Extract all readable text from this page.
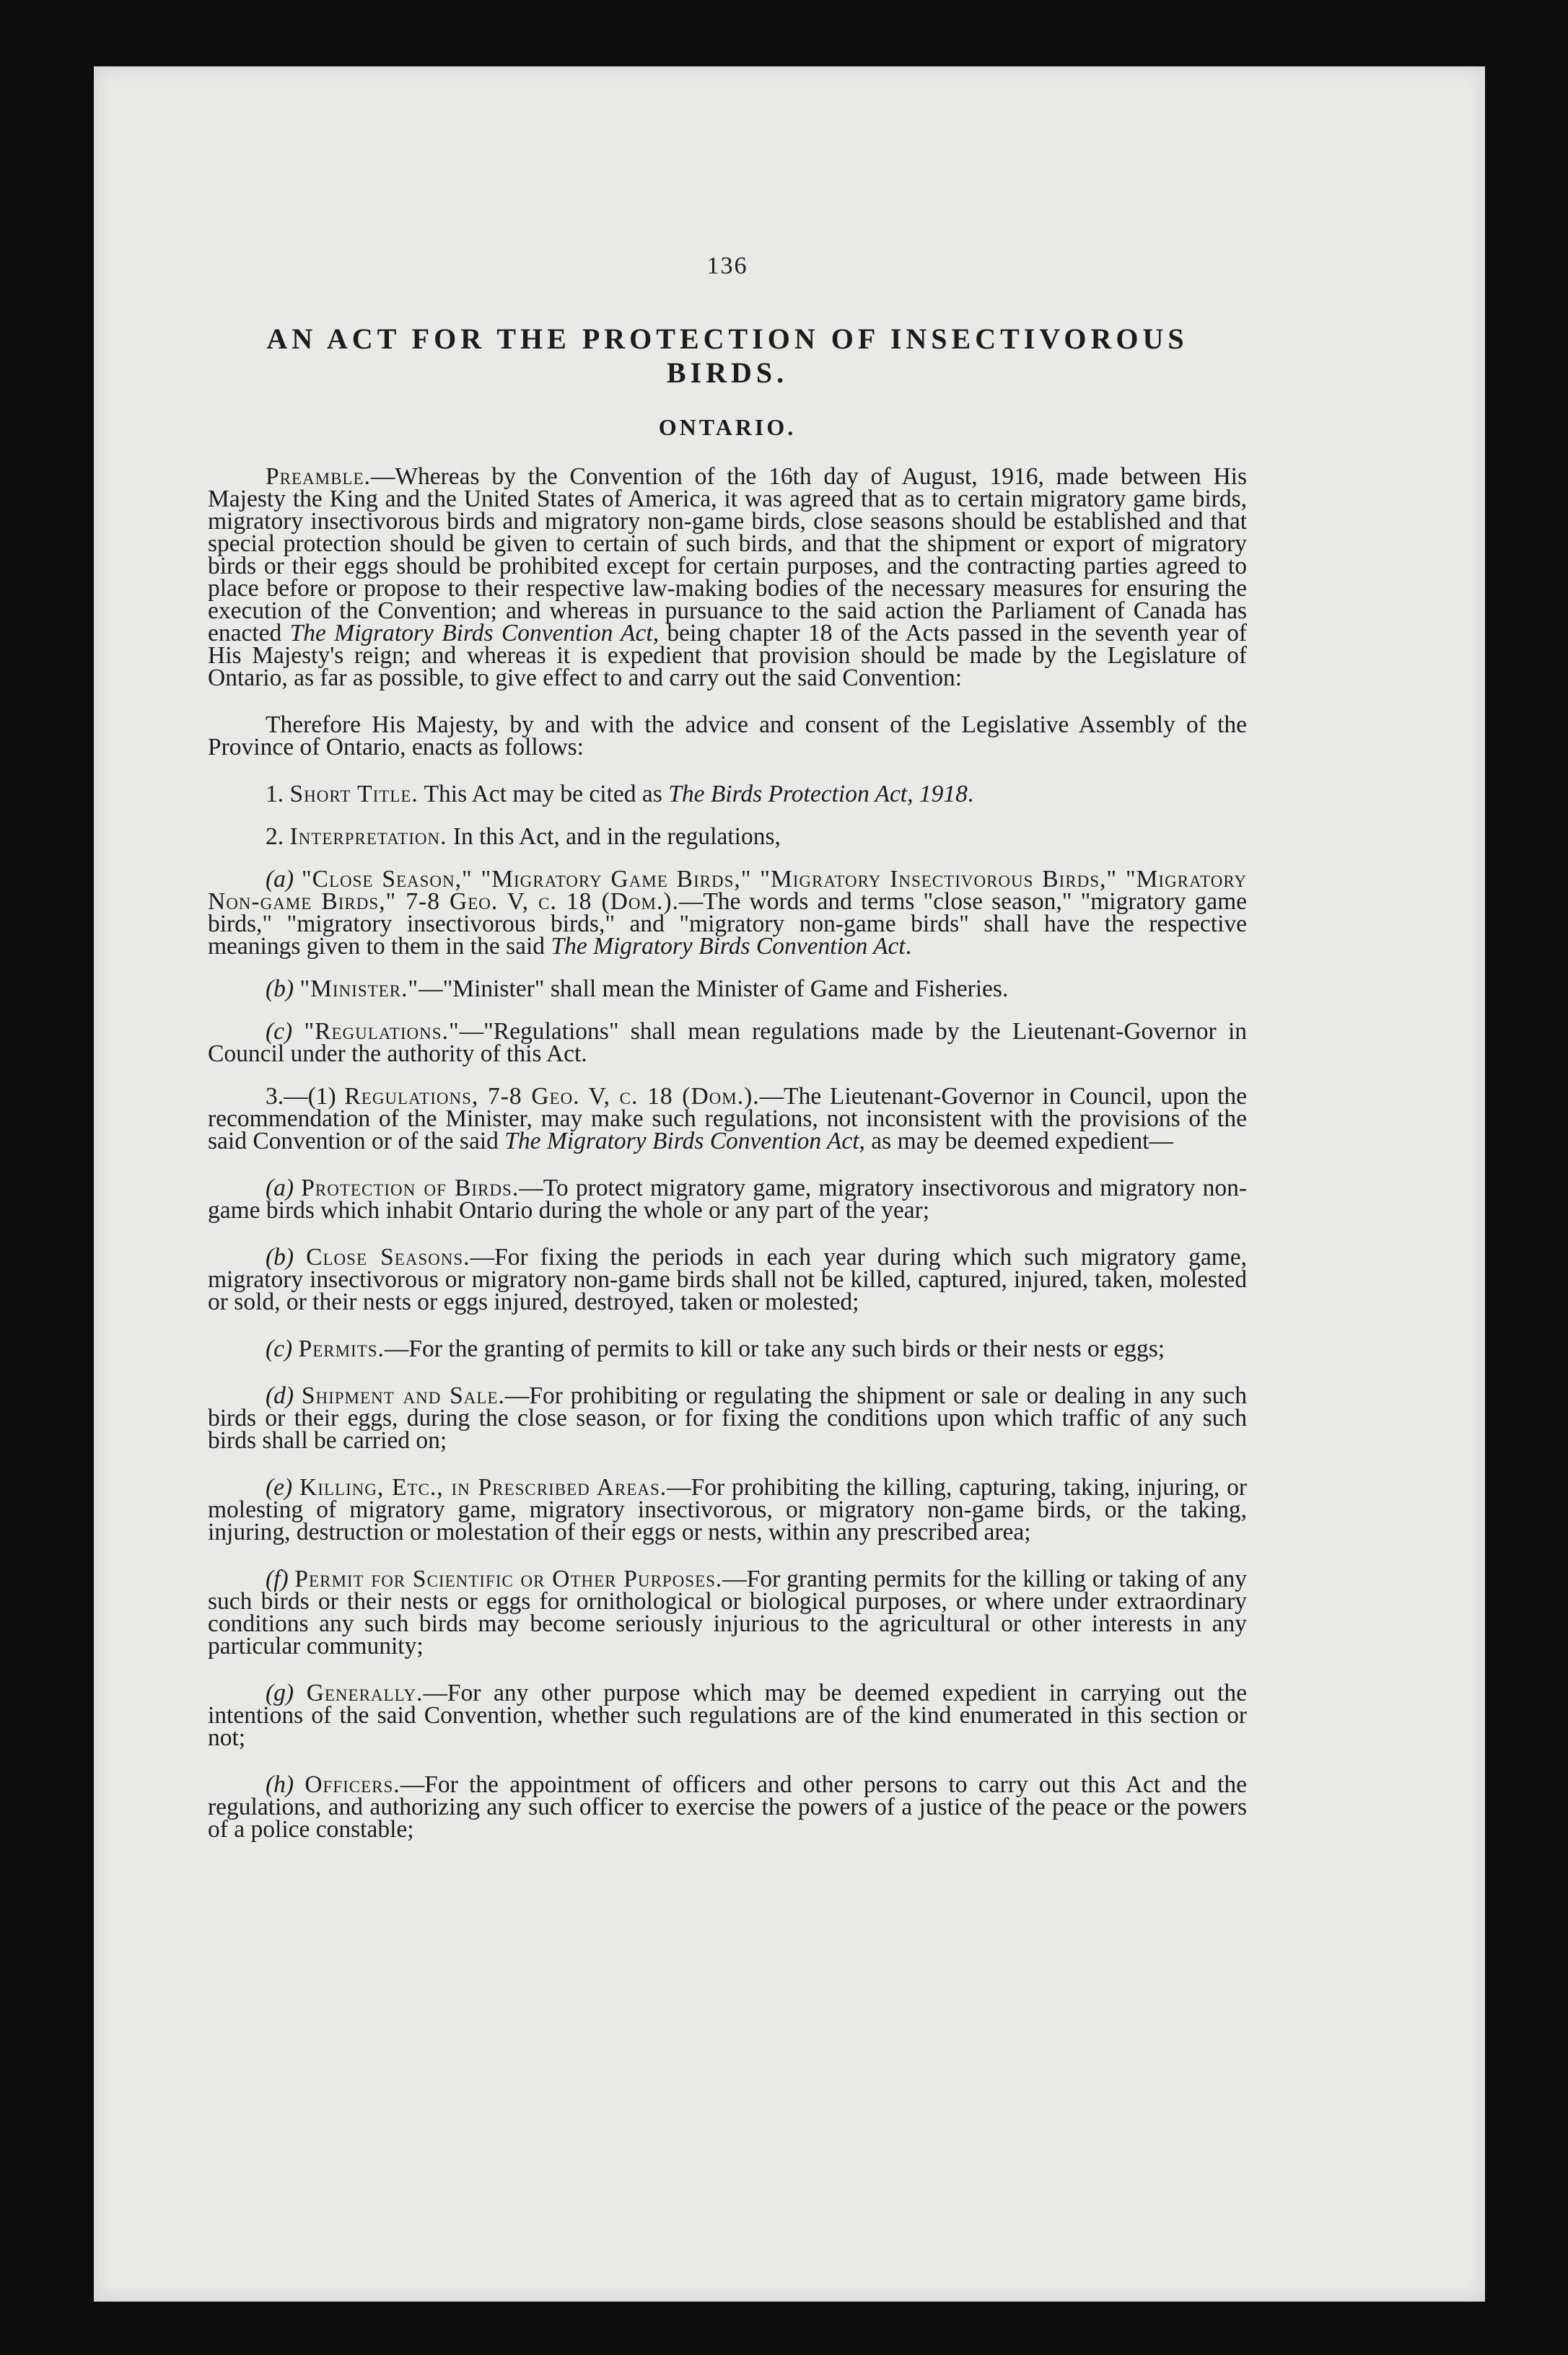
136
AN ACT FOR THE PROTECTION OF INSECTIVOROUS BIRDS.
ONTARIO.

Preamble.—Whereas by the Convention of the 16th day of August, 1916, made between His Majesty the King and the United States of America, it was agreed that as to certain migratory game birds, migratory insectivorous birds and migratory non-game birds, close seasons should be established and that special protection should be given to certain of such birds, and that the shipment or export of migratory birds or their eggs should be prohibited except for certain purposes, and the contracting parties agreed to place before or propose to their respective law-making bodies of the necessary measures for ensuring the execution of the Convention; and whereas in pursuance to the said action the Parliament of Canada has enacted The Migratory Birds Convention Act, being chapter 18 of the Acts passed in the seventh year of His Majesty's reign; and whereas it is expedient that provision should be made by the Legislature of Ontario, as far as possible, to give effect to and carry out the said Convention:

Therefore His Majesty, by and with the advice and consent of the Legislative Assembly of the Province of Ontario, enacts as follows:

1. Short Title. This Act may be cited as The Birds Protection Act, 1918.

2. Interpretation. In this Act, and in the regulations,

(a) "Close Season," "Migratory Game Birds," "Migratory Insectivorous Birds," "Migratory Non-game Birds," 7-8 Geo. V, c. 18 (Dom.).—The words and terms "close season," "migratory game birds," "migratory insectivorous birds," and "migratory non-game birds" shall have the respective meanings given to them in the said The Migratory Birds Convention Act.

(b) "Minister."—"Minister" shall mean the Minister of Game and Fisheries.

(c) "Regulations."—"Regulations" shall mean regulations made by the Lieutenant-Governor in Council under the authority of this Act.

3.—(1) Regulations, 7-8 Geo. V, c. 18 (Dom.).—The Lieutenant-Governor in Council, upon the recommendation of the Minister, may make such regulations, not inconsistent with the provisions of the said Convention or of the said The Migratory Birds Convention Act, as may be deemed expedient—

(a) Protection of Birds.—To protect migratory game, migratory insectivorous and migratory non-game birds which inhabit Ontario during the whole or any part of the year;

(b) Close Seasons.—For fixing the periods in each year during which such migratory game, migratory insectivorous or migratory non-game birds shall not be killed, captured, injured, taken, molested or sold, or their nests or eggs injured, destroyed, taken or molested;

(c) Permits.—For the granting of permits to kill or take any such birds or their nests or eggs;

(d) Shipment and Sale.—For prohibiting or regulating the shipment or sale or dealing in any such birds or their eggs, during the close season, or for fixing the conditions upon which traffic of any such birds shall be carried on;

(e) Killing, Etc., in Prescribed Areas.—For prohibiting the killing, capturing, taking, injuring, or molesting of migratory game, migratory insectivorous, or migratory non-game birds, or the taking, injuring, destruction or molestation of their eggs or nests, within any prescribed area;

(f) Permit for Scientific or Other Purposes.—For granting permits for the killing or taking of any such birds or their nests or eggs for ornithological or biological purposes, or where under extraordinary conditions any such birds may become seriously injurious to the agricultural or other interests in any particular community;

(g) Generally.—For any other purpose which may be deemed expedient in carrying out the intentions of the said Convention, whether such regulations are of the kind enumerated in this section or not;

(h) Officers.—For the appointment of officers and other persons to carry out this Act and the regulations, and authorizing any such officer to exercise the powers of a justice of the peace or the powers of a police constable;
